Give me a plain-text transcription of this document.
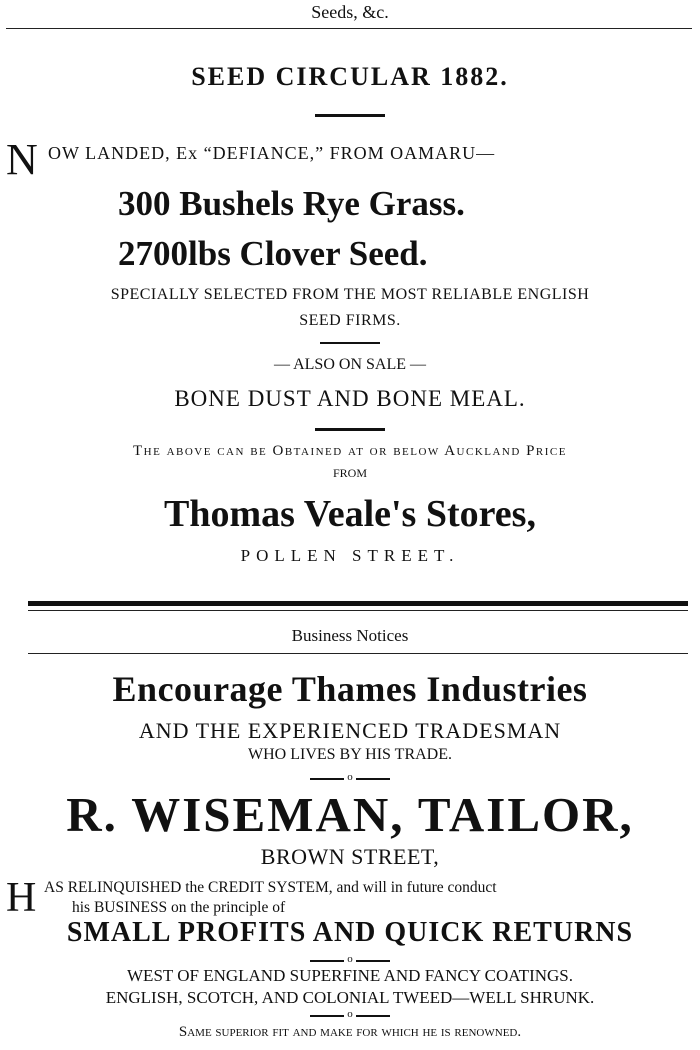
Seeds, &c.
SEED CIRCULAR 1882.
N OW LANDED, Ex “DEFIANCE,” FROM OAMARU—
300 Bushels Rye Grass.
2700lbs Clover Seed.
SPECIALLY SELECTED FROM THE MOST RELIABLE ENGLISH
SEED FIRMS.
— ALSO ON SALE —
BONE DUST AND BONE MEAL.
The above can be Obtained at or below Auckland Price
FROM
Thomas Veale's Stores,
POLLEN STREET.
Business Notices
Encourage Thames Industries
AND THE EXPERIENCED TRADESMAN
WHO LIVES BY HIS TRADE.
o
R. WISEMAN, TAILOR,
BROWN STREET,
H AS RELINQUISHED the CREDIT SYSTEM, and will in future conduct
his BUSINESS on the principle of
SMALL PROFITS AND QUICK RETURNS
o
WEST OF ENGLAND SUPERFINE AND FANCY COATINGS.
ENGLISH, SCOTCH, AND COLONIAL TWEED—WELL SHRUNK.
o
Same superior fit and make for which he is renowned.
